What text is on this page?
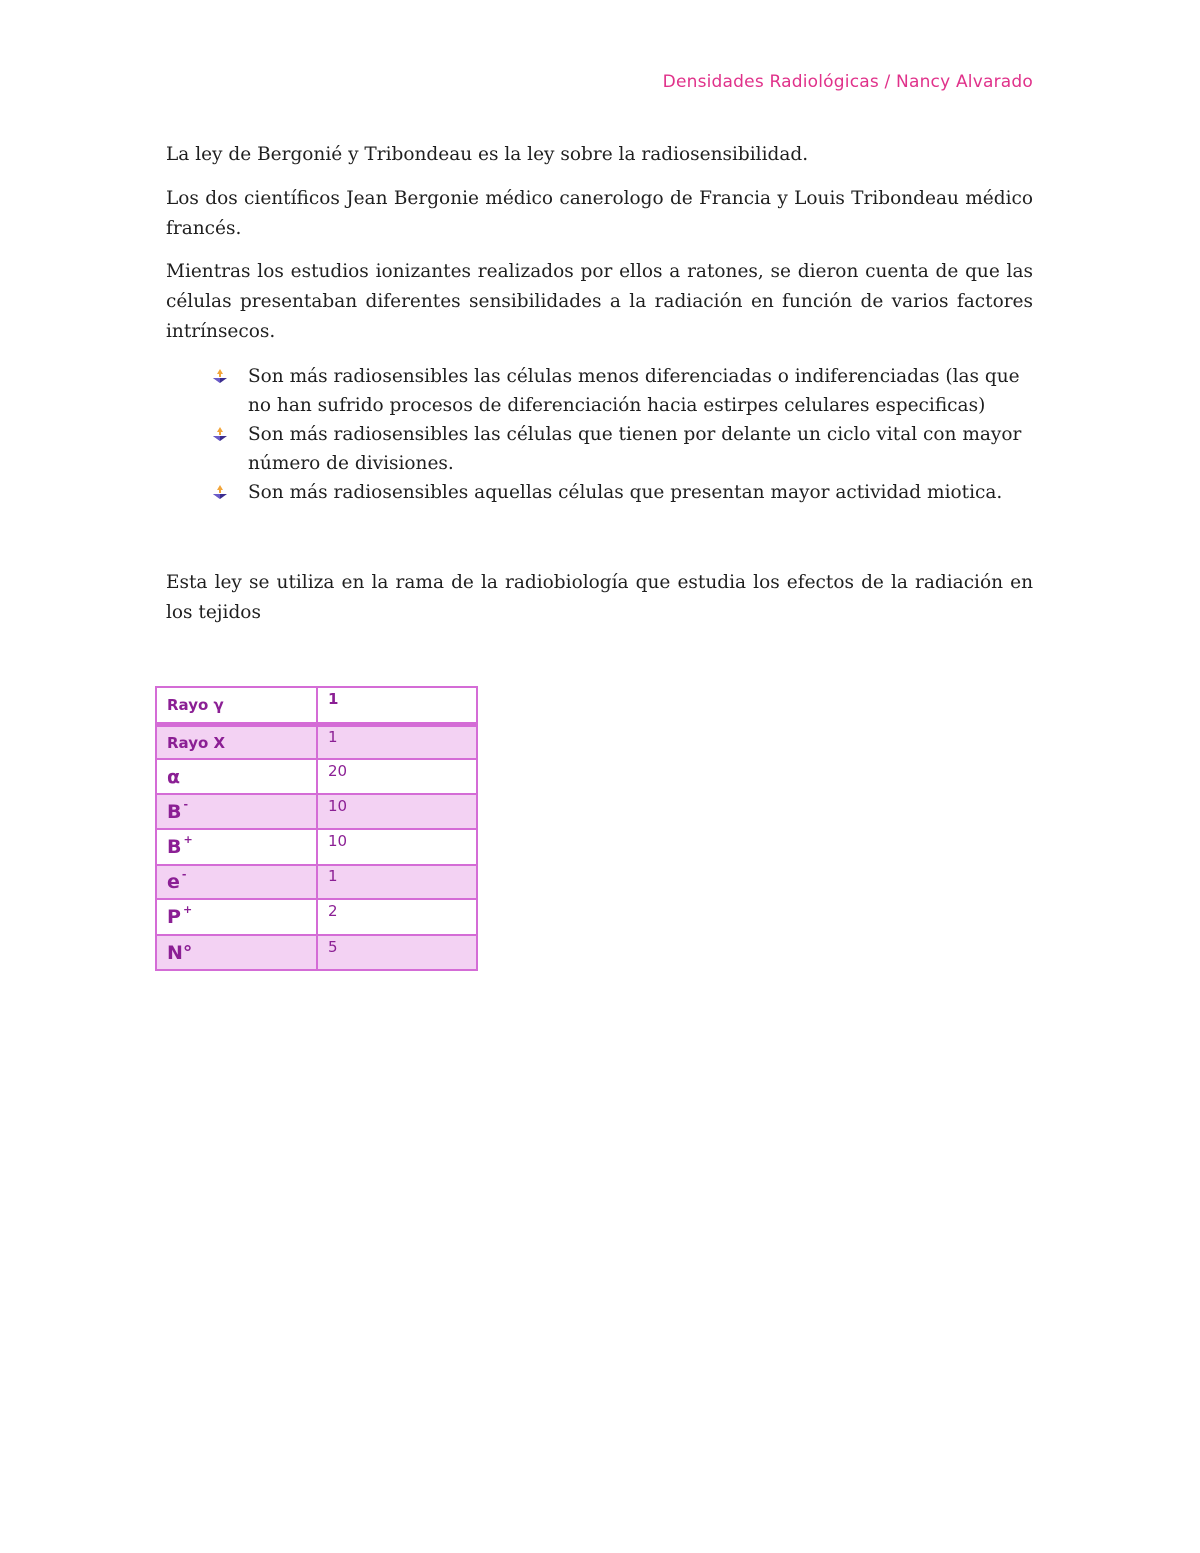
Densidades Radiológicas / Nancy Alvarado

La ley de Bergonié y Tribondeau es la ley sobre la radiosensibilidad.

Los dos científicos Jean Bergonie médico canerologo de Francia y Louis Tribondeau médico francés.

Mientras los estudios ionizantes realizados por ellos a ratones, se dieron cuenta de que las células presentaban diferentes sensibilidades a la radiación en función de varios factores intrínsecos.

Son más radiosensibles las células menos diferenciadas o indiferenciadas (las que no han sufrido procesos de diferenciación hacia estirpes celulares especificas)
Son más radiosensibles las células que tienen por delante un ciclo vital con mayor número de divisiones.
Son más radiosensibles aquellas células que presentan mayor actividad miotica.

Esta ley se utiliza en la rama de la radiobiología que estudia los efectos de la radiación en los tejidos

Rayo γ	1
Rayo X	1
α	20
B -	10
B +	10
e -	1
P +	2
N°	5
